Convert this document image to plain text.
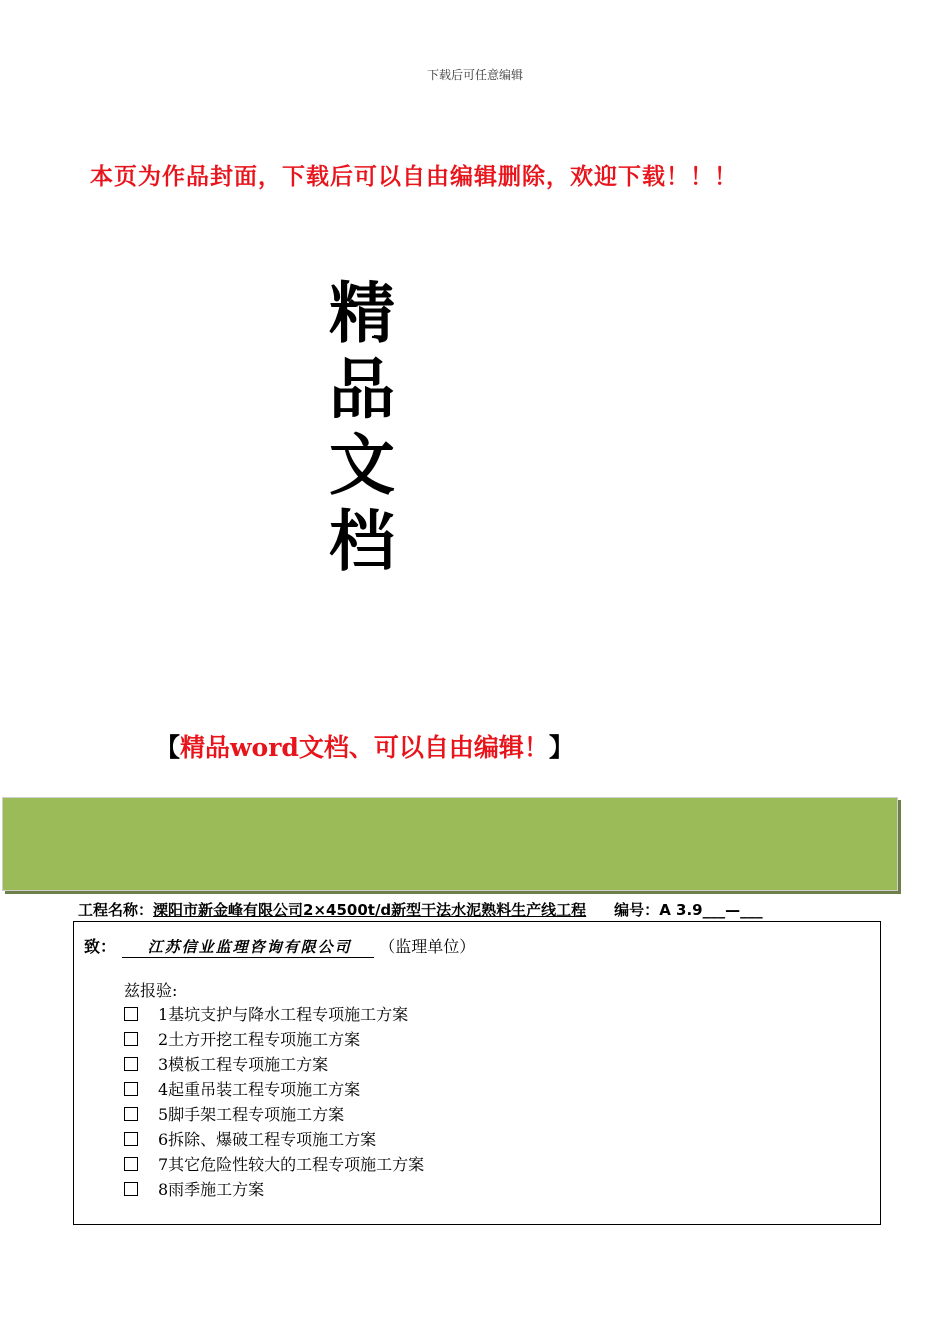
下载后可任意编辑
本页为作品封面，下载后可以自由编辑删除，欢迎下载！！！
精
品
文
档
【精品word文档、可以自由编辑！】
工程名称：溧阳市新金峰有限公司2×4500t/d新型干法水泥熟料生产线工程 编号：A 3.9___—___
致： 江苏信业监理咨询有限公司 （监理单位）
兹报验:
1基坑支护与降水工程专项施工方案
2土方开挖工程专项施工方案
3模板工程专项施工方案
4起重吊装工程专项施工方案
5脚手架工程专项施工方案
6拆除、爆破工程专项施工方案
7其它危险性较大的工程专项施工方案
8雨季施工方案
